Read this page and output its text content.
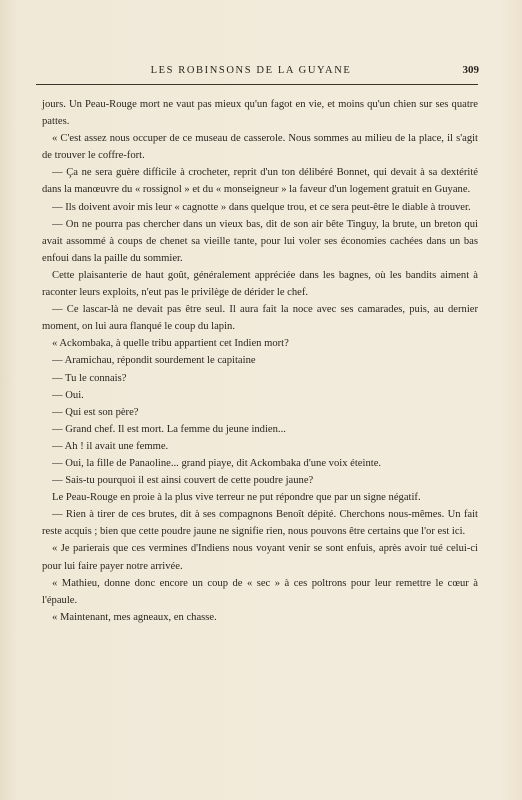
LES ROBINSONS DE LA GUYANE	309

jours. Un Peau-Rouge mort ne vaut pas mieux qu'un fagot en vie, et moins qu'un chien sur ses quatre pattes.

« C'est assez nous occuper de ce museau de casserole. Nous sommes au milieu de la place, il s'agit de trouver le coffre-fort.

— Ça ne sera guère difficile à crocheter, reprit d'un ton délibéré Bonnet, qui devait à sa dextérité dans la manœuvre du « rossignol » et du « monseigneur » la faveur d'un logement gratuit en Guyane.

— Ils doivent avoir mis leur « cagnotte » dans quelque trou, et ce sera peut-être le diable à trouver.

— On ne pourra pas chercher dans un vieux bas, dit de son air bête Tinguy, la brute, un breton qui avait assommé à coups de chenet sa vieille tante, pour lui voler ses économies cachées dans un bas enfoui dans la paille du sommier.

Cette plaisanterie de haut goût, généralement appréciée dans les bagnes, où les bandits aiment à raconter leurs exploits, n'eut pas le privilège de dérider le chef.

— Ce lascar-là ne devait pas être seul. Il aura fait la noce avec ses camarades, puis, au dernier moment, on lui aura flanqué le coup du lapin.

« Ackombaka, à quelle tribu appartient cet Indien mort?

— Aramichau, répondit sourdement le capitaine

— Tu le connais?

— Oui.

— Qui est son père?

— Grand chef. Il est mort. La femme du jeune indien...

— Ah ! il avait une femme.

— Oui, la fille de Panaoline... grand piaye, dit Ackombaka d'une voix éteinte.

— Sais-tu pourquoi il est ainsi couvert de cette poudre jaune?

Le Peau-Rouge en proie à la plus vive terreur ne put répondre que par un signe négatif.

— Rien à tirer de ces brutes, dit à ses compagnons Benoît dépité. Cherchons nous-mêmes. Un fait reste acquis ; bien que cette poudre jaune ne signifie rien, nous pouvons être certains que l'or est ici.

« Je parierais que ces vermines d'Indiens nous voyant venir se sont enfuis, après avoir tué celui-ci pour lui faire payer notre arrivée.

« Mathieu, donne donc encore un coup de « sec » à ces poltrons pour leur remettre le cœur à l'épaule.

« Maintenant, mes agneaux, en chasse.
